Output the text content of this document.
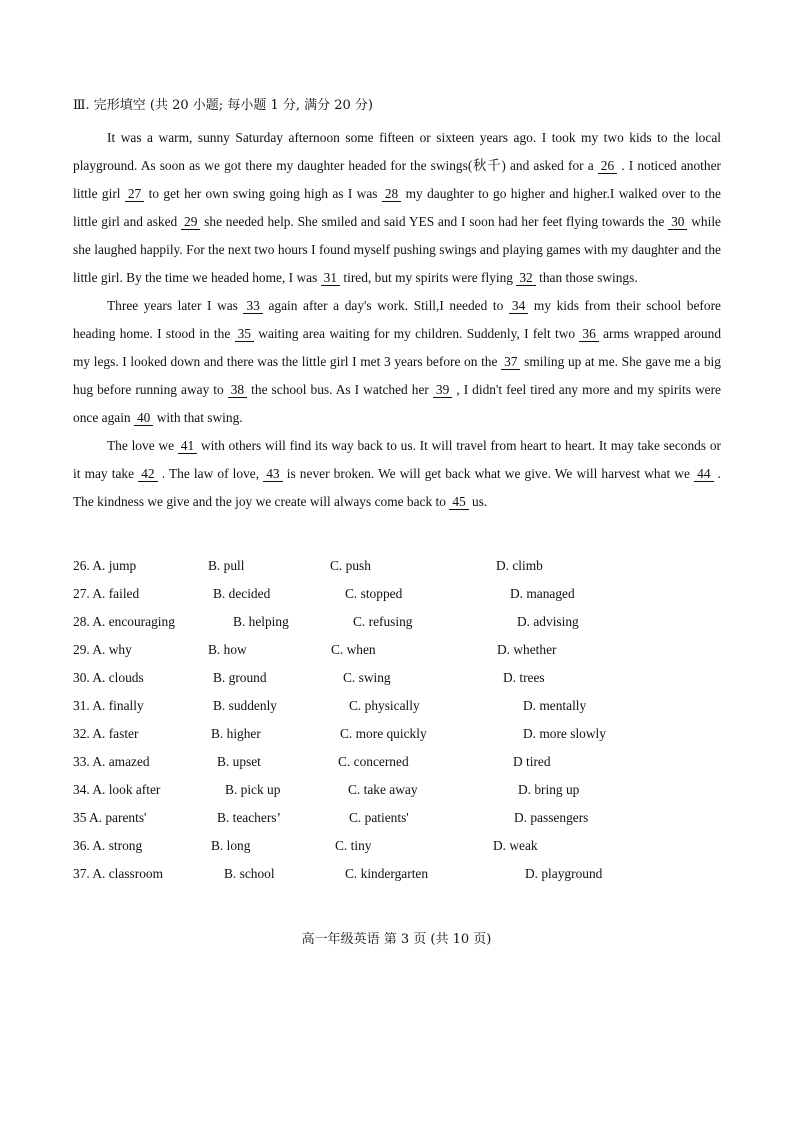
Ⅲ. 完形填空 (共 20 小题; 每小题 1 分, 满分 20 分)

It was a warm, sunny Saturday afternoon some fifteen or sixteen years ago. I took my two kids to the local playground. As soon as we got there my daughter headed for the swings(秋千) and asked for a 26 . I noticed another little girl 27 to get her own swing going high as I was 28 my daughter to go higher and higher.I walked over to the little girl and asked 29 she needed help. She smiled and said YES and I soon had her feet flying towards the 30 while she laughed happily. For the next two hours I found myself pushing swings and playing games with my daughter and the little girl. By the time we headed home, I was 31 tired, but my spirits were flying 32 than those swings.

Three years later I was 33 again after a day's work. Still,I needed to 34 my kids from their school before heading home. I stood in the 35 waiting area waiting for my children. Suddenly, I felt two 36 arms wrapped around my legs. I looked down and there was the little girl I met 3 years before on the 37 smiling up at me. She gave me a big hug before running away to 38 the school bus. As I watched her 39 , I didn't feel tired any more and my spirits were once again 40 with that swing.

The love we 41 with others will find its way back to us. It will travel from heart to heart. It may take seconds or it may take 42 . The law of love, 43 is never broken. We will get back what we give. We will harvest what we 44 . The kindness we give and the joy we create will always come back to 45 us.

26. A. jump	B. pull	C. push	D. climb
27. A. failed	B. decided	C. stopped	D. managed
28. A. encouraging	B. helping	C. refusing	D. advising
29. A. why	B. how	C. when	D. whether
30. A. clouds	B. ground	C. swing	D. trees
31. A. finally	B. suddenly	C. physically	D. mentally
32. A. faster	B. higher	C. more quickly	D. more slowly
33. A. amazed	B. upset	C. concerned	D tired
34. A. look after	B. pick up	C. take away	D. bring up
35 A. parents'	B. teachers’	C. patients'	D. passengers
36. A. strong	B. long	C. tiny	D. weak
37. A. classroom	B. school	C. kindergarten	D. playground
高一年级英语 第 3 页 (共 10 页)
